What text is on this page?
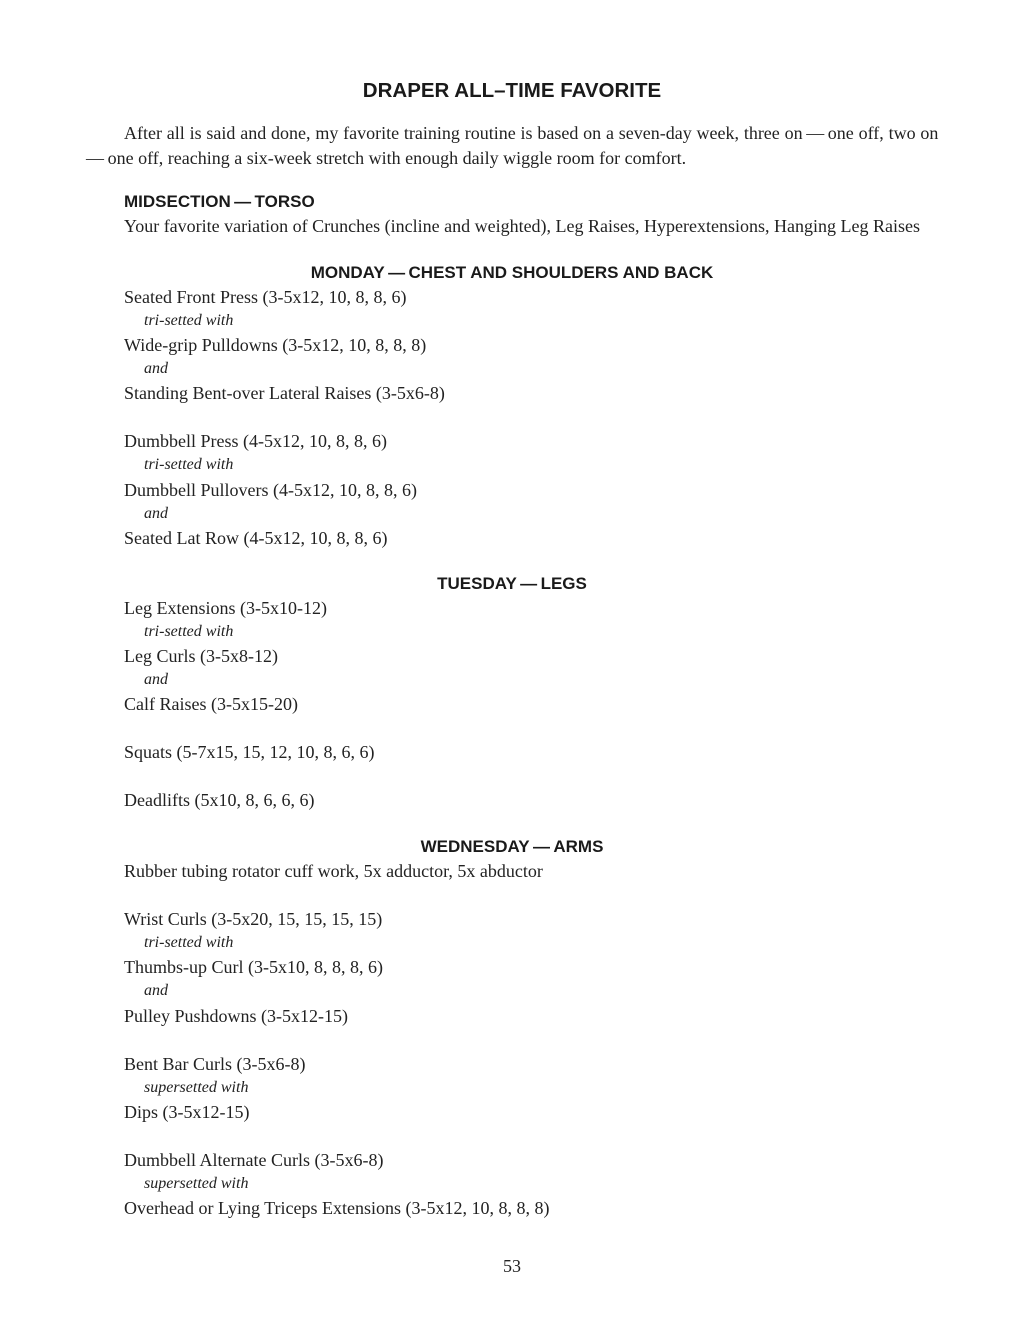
DRAPER ALL–TIME FAVORITE
After all is said and done, my favorite training routine is based on a seven-day week, three on — one off, two on — one off, reaching a six-week stretch with enough daily wiggle room for comfort.
MIDSECTION — TORSO
Your favorite variation of Crunches (incline and weighted), Leg Raises, Hyperextensions, Hanging Leg Raises
MONDAY — CHEST AND SHOULDERS AND BACK
Seated Front Press (3-5x12, 10, 8, 8, 6)
tri-setted with
Wide-grip Pulldowns (3-5x12, 10, 8, 8, 8)
and
Standing Bent-over Lateral Raises (3-5x6-8)
Dumbbell Press (4-5x12, 10, 8, 8, 6)
tri-setted with
Dumbbell Pullovers (4-5x12, 10, 8, 8, 6)
and
Seated Lat Row (4-5x12, 10, 8, 8, 6)
TUESDAY — LEGS
Leg Extensions (3-5x10-12)
tri-setted with
Leg Curls (3-5x8-12)
and
Calf Raises (3-5x15-20)
Squats (5-7x15, 15, 12, 10, 8, 6, 6)
Deadlifts (5x10, 8, 6, 6, 6)
WEDNESDAY — ARMS
Rubber tubing rotator cuff work, 5x adductor, 5x abductor
Wrist Curls (3-5x20, 15, 15, 15, 15)
tri-setted with
Thumbs-up Curl (3-5x10, 8, 8, 8, 6)
and
Pulley Pushdowns (3-5x12-15)
Bent Bar Curls (3-5x6-8)
supersetted with
Dips (3-5x12-15)
Dumbbell Alternate Curls (3-5x6-8)
supersetted with
Overhead or Lying Triceps Extensions (3-5x12, 10, 8, 8, 8)
53
